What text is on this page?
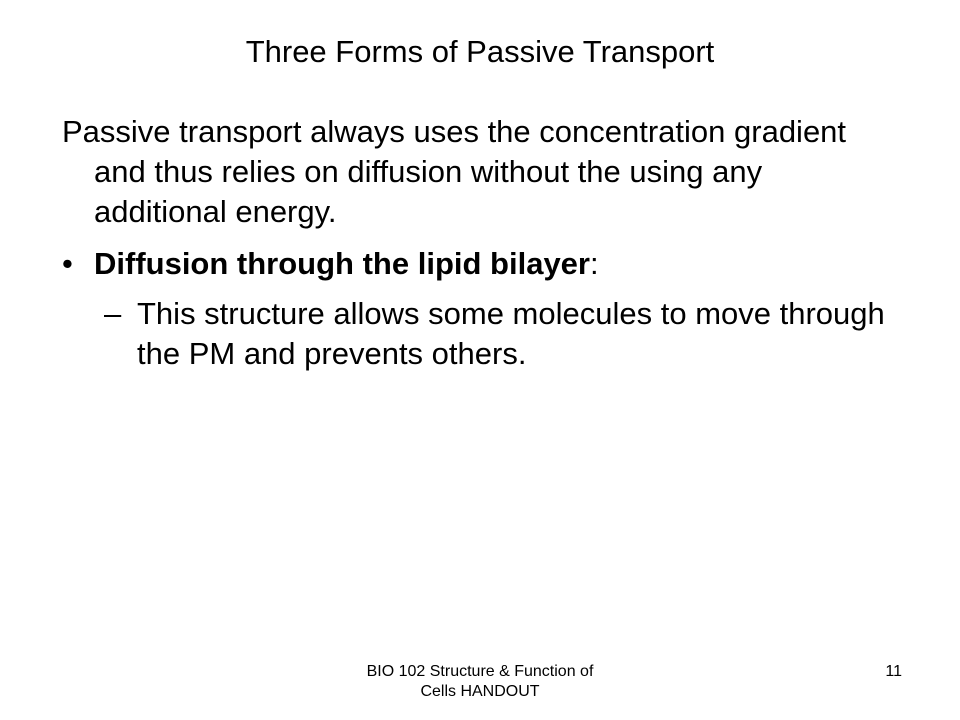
Three Forms of Passive Transport

Passive transport always uses the concentration gradient and thus relies on diffusion without the using any additional energy.

• Diffusion through the lipid bilayer:
– This structure allows some molecules to move through the PM and prevents others.
BIO 102 Structure & Function of
Cells HANDOUT
11
